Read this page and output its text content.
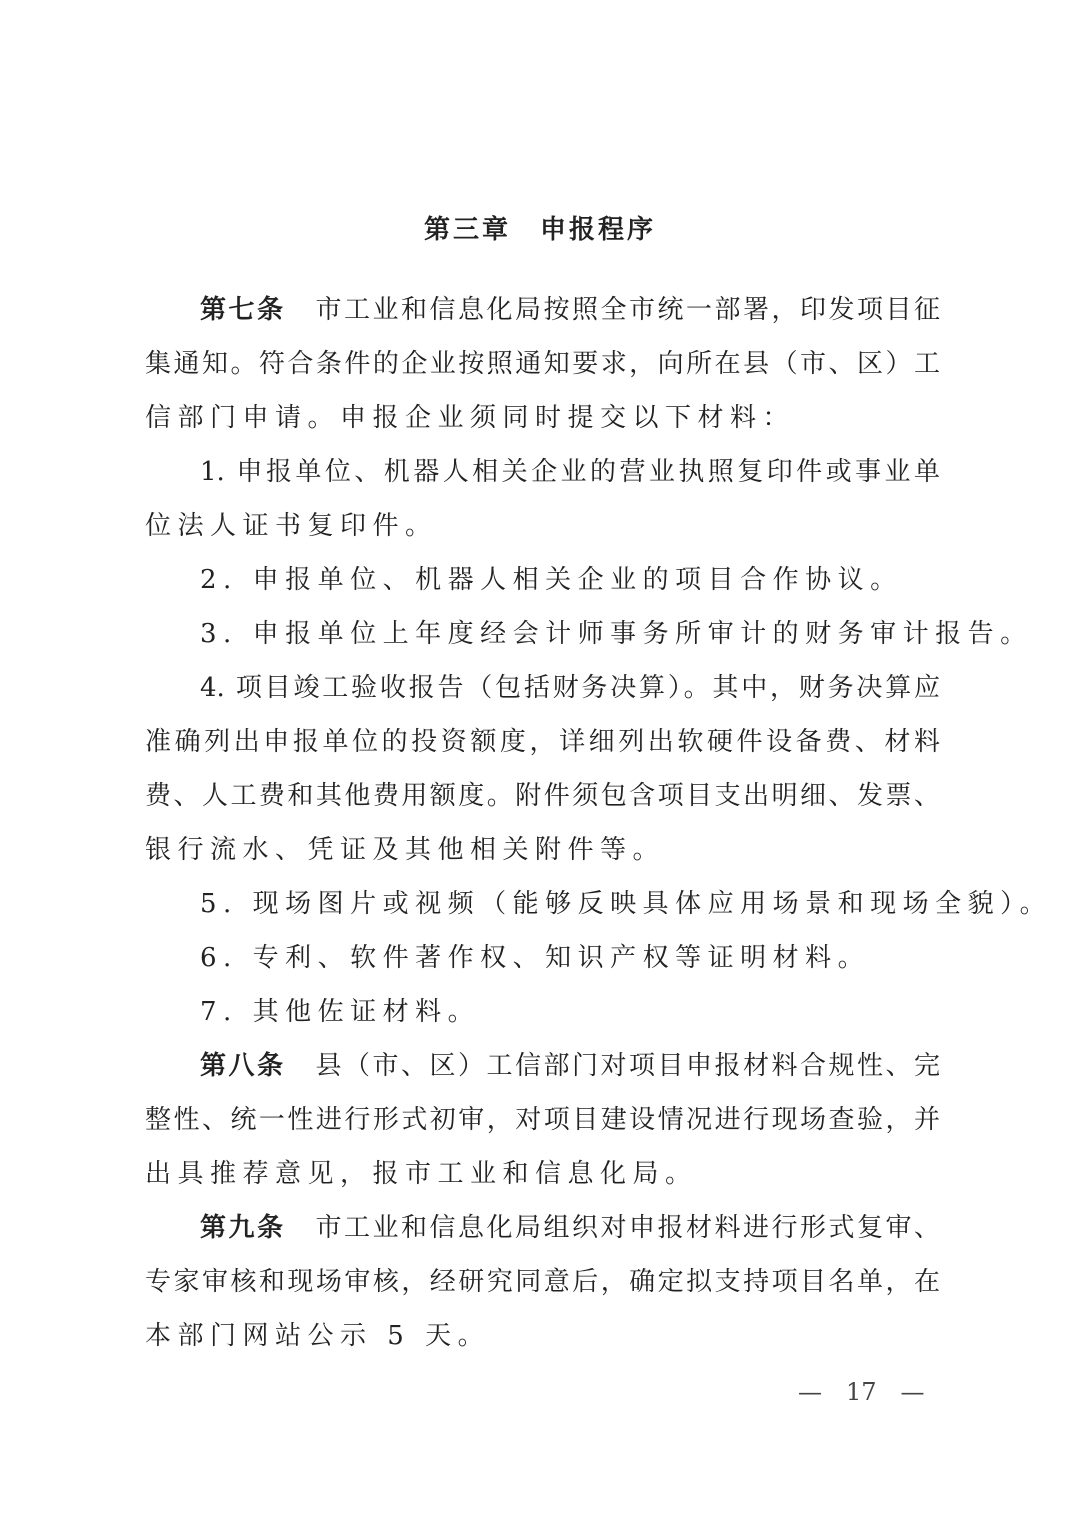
第三章　申报程序
第七条 市工业和信息化局按照全市统一部署，印发项目征
集通知。符合条件的企业按照通知要求，向所在县（市、区）工
信部门申请。申报企业须同时提交以下材料：
1. 申报单位、机器人相关企业的营业执照复印件或事业单
位法人证书复印件。
2. 申报单位、机器人相关企业的项目合作协议。
3. 申报单位上年度经会计师事务所审计的财务审计报告。
4. 项目竣工验收报告（包括财务决算）。其中，财务决算应
准确列出申报单位的投资额度，详细列出软硬件设备费、材料
费、人工费和其他费用额度。附件须包含项目支出明细、发票、
银行流水、凭证及其他相关附件等。
5. 现场图片或视频（能够反映具体应用场景和现场全貌）。
6. 专利、软件著作权、知识产权等证明材料。
7. 其他佐证材料。
第八条 县（市、区）工信部门对项目申报材料合规性、完
整性、统一性进行形式初审，对项目建设情况进行现场查验，并
出具推荐意见，报市工业和信息化局。
第九条 市工业和信息化局组织对申报材料进行形式复审、
专家审核和现场审核，经研究同意后，确定拟支持项目名单，在
本部门网站公示 5 天。
—　17　—
